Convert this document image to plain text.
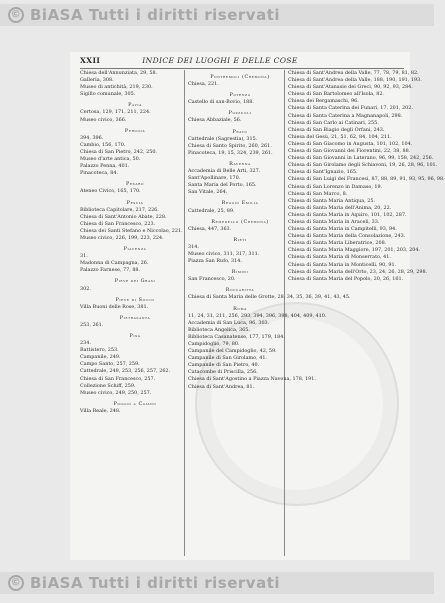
© BiASA Tutti i diritti riservati
XXII	INDICE DEI LUOGHI E DELLE COSE
Chiesa dell'Annunziata, 29, 58.
Galleria, 308.
Museo di antichità, 219, 230.
Sigillo comunale, 305.
Pavia
Certosa, 129, 171, 211, 224.
Museo civico, 366.
Perugia
394, 396.
Cambio, 156, 170.
Chiesa di San Pietro, 242, 250.
Museo d'arte antica, 50.
Palazzo Penna, 401.
Pinacoteca, 84.
Pesaro
Ateneo Civico, 165, 170.
Pescia
Biblioteca Capitolare, 217, 226.
Chiesa di Sant'Antonio Abate, 228.
Chiesa di San Francesco, 223.
Chiesa dei Santi Stefano e Niccolao, 221.
Museo civico, 226, 199, 223, 224.
Piacenza
31.
Madonna di Campagna, 26.
Palazzo Farnese, 77, 88.
Pieve dei Grasi
302.
Pieve di Socco
Villa Buoni delle Rose, 381.
Pietrasanta
253, 261.
Pisa
234.
Battistero, 253.
Campanile, 249.
Campo Santo, 257, 259.
Cattedrale, 249, 253, 256, 257, 262.
Chiesa di San Francesco, 257.
Collezione Schiff, 259.
Museo civico, 249, 250, 257.
Poggio a Caiano
Villa Reale, 248.
Pontremoli (Cremona)
Chiesa, 221.
Potenza
Castello di san-Bovio, 188.
Pozzuoli
Chiesa Abbaziale, 56.
Prato
Cattedrale (Sagrestia), 315.
Chiesa di Santo Spirito, 260, 261.
Pinacoteca, 19, 15, 324, 239, 261.
Ravenna
Accademia di Belle Arti, 327.
Sant'Apollinare, 170.
Santa Maria del Porto, 165.
San Vitale, 264.
Reggio Emilia
Cattedrale, 25, 89.
Remedello (Cremona)
Chiesa, 447, 363.
Rieti
314.
Museo civico, 311, 317, 311.
Piazza San Rufo, 314.
Rimini
San Francesco, 20.
Roccaritta
Chiesa di Santa Maria delle Grotte, 28, 34, 35, 36, 39, 41, 43, 45.
Roma
11, 24, 31, 211, 256, 293, 394, 396, 398, 404, 409, 410.
Accademia di San Luca, 96, 303.
Biblioteca Angelica, 365.
Biblioteca Casanatense, 177, 179, 184.
Campidoglio, 79, 80.
Campanile del Campidoglio, 42, 59.
Campanile di San Girolamo, 41.
Campanile di San Pietro, 40.
Catacombe di Priscilla, 256.
Chiesa di Sant'Agostino a Piazza Navona, 178, 191.
Chiesa di Sant'Andrea, 81.
Chiesa di Sant'Andrea della Valle, 77, 78, 79, 81, 82.
Chiesa di Sant'Andrea della Valle, 188, 190, 191, 193.
Chiesa di Sant'Atanasio dei Greci, 90, 92, 93, 284.
Chiesa di San Bartolomeo all'Isola, 82.
Chiesa dei Bergamaschi, 96.
Chiesa di Santa Caterina dei Funari, 17, 201, 202.
Chiesa di Santa Caterina a Magnanapoli, 298.
Chiesa di San Carlo ai Catinari, 255.
Chiesa di San Biagio degli Orfani, 243.
Chiesa del Gesù, 21, 51, 62, 84, 104, 211.
Chiesa di San Giacomo in Augusta, 101, 102, 104.
Chiesa di San Giovanni dei Fiorentini, 22, 38, 88.
Chiesa di San Giovanni in Laterano, 96, 99, 158, 242, 256.
Chiesa di San Girolamo degli Schiavoni, 19, 26, 28, 96, 101.
Chiesa di Sant'Ignazio, 165.
Chiesa di San Luigi dei Francesi, 87, 88, 89, 91, 93, 95, 96, 98.
Chiesa di San Lorenzo in Damaso, 19.
Chiesa di San Marco, 8.
Chiesa di Santa Maria Antiqua, 25.
Chiesa di Santa Maria dell'Anima, 20, 22.
Chiesa di Santa Maria in Aquiro, 101, 102, 287.
Chiesa di Santa Maria in Araceli, 33.
Chiesa di Santa Maria in Campitelli, 93, 94.
Chiesa di Santa Maria della Consolazione, 243.
Chiesa di Santa Maria Liberatrice, 208.
Chiesa di Santa Maria Maggiore, 197, 201, 203, 204.
Chiesa di Santa Maria di Monserrato, 41.
Chiesa di Santa Maria in Monticelli, 90, 91.
Chiesa di Santa Maria dell'Orto, 23, 24, 26, 28, 29, 298.
Chiesa di Santa Maria del Popolo, 20, 26, 161.
© BiASA Tutti i diritti riservati
